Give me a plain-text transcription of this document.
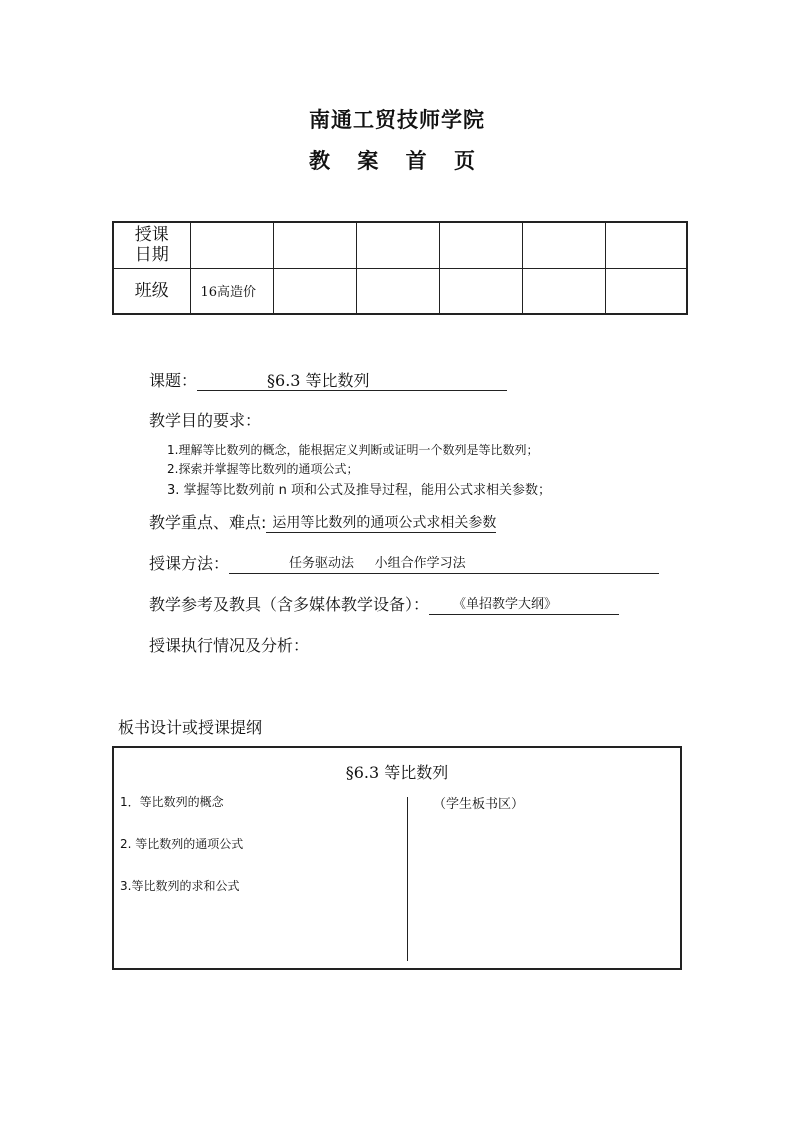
南通工贸技师学院
教 案 首 页
授课
日期						
班级	16高造价					
课题：	§6.3 等比数列
教学目的要求：
1.理解等比数列的概念，能根据定义判断或证明一个数列是等比数列；
2.探索并掌握等比数列的通项公式；
3. 掌握等比数列前 n 项和公式及推导过程，能用公式求相关参数；
教学重点、难点: 运用等比数列的通项公式求相关参数
授课方法：	任务驱动法     小组合作学习法
教学参考及教具（含多媒体教学设备）： 《单招教学大纲》
授课执行情况及分析：
板书设计或授课提纲
§6.3 等比数列
1．等比数列的概念
2. 等比数列的通项公式
3.等比数列的求和公式
（学生板书区）
